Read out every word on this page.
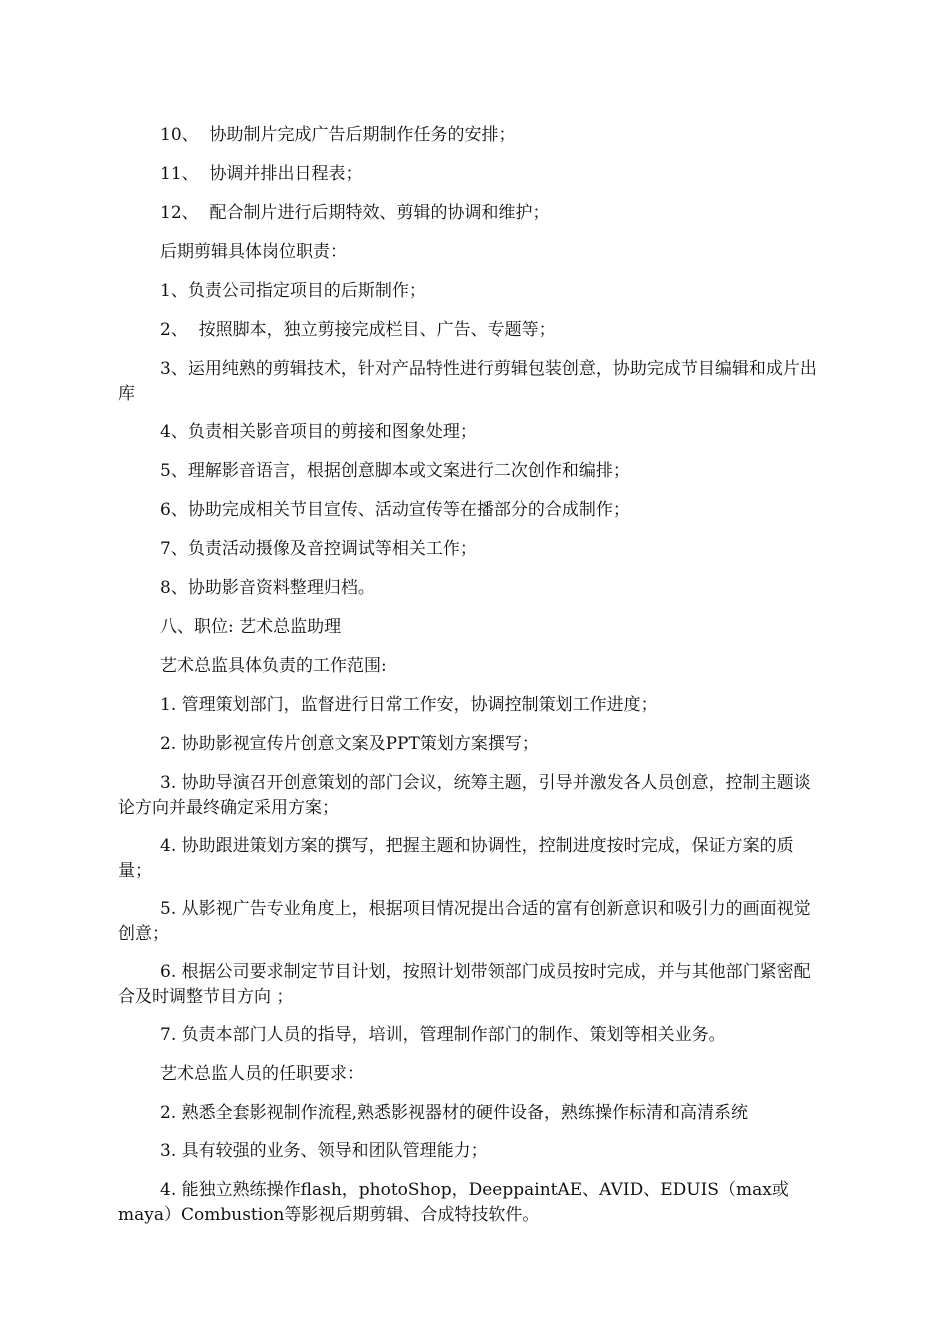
10、  协助制片完成广告后期制作任务的安排；

11、  协调并排出日程表；

12、  配合制片进行后期特效、剪辑的协调和维护；

后期剪辑具体岗位职责：

1、负责公司指定项目的后斯制作；

2、  按照脚本，独立剪接完成栏目、广告、专题等；

3、运用纯熟的剪辑技术，针对产品特性进行剪辑包装创意，协助完成节目编辑和成片出库

4、负责相关影音项目的剪接和图象处理；

5、理解影音语言，根据创意脚本或文案进行二次创作和编排；

6、协助完成相关节目宣传、活动宣传等在播部分的合成制作；

7、负责活动摄像及音控调试等相关工作；

8、协助影音资料整理归档。

八、职位: 艺术总监助理

艺术总监具体负责的工作范围:

1. 管理策划部门，监督进行日常工作安，协调控制策划工作进度；

2. 协助影视宣传片创意文案及PPT策划方案撰写；

3. 协助导演召开创意策划的部门会议，统筹主题，引导并激发各人员创意，控制主题谈论方向并最终确定采用方案；

4. 协助跟进策划方案的撰写，把握主题和协调性，控制进度按时完成，保证方案的质量；

5. 从影视广告专业角度上，根据项目情况提出合适的富有创新意识和吸引力的画面视觉创意；

6. 根据公司要求制定节目计划，按照计划带领部门成员按时完成，并与其他部门紧密配合及时调整节目方向 ；

7. 负责本部门人员的指导，培训，管理制作部门的制作、策划等相关业务。

艺术总监人员的任职要求：

2. 熟悉全套影视制作流程,熟悉影视器材的硬件设备，熟练操作标清和高清系统

3. 具有较强的业务、领导和团队管理能力；

4. 能独立熟练操作flash，photoShop，DeeppaintAE、AVID、EDUIS（max或maya）Combustion等影视后期剪辑、合成特技软件。
